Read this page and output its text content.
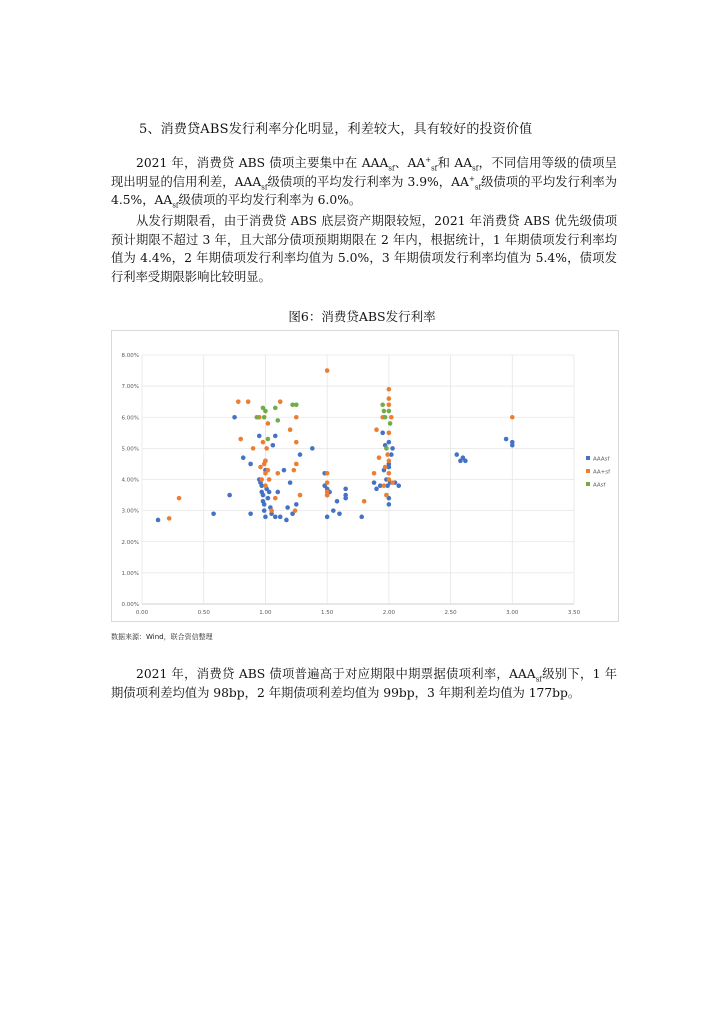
5、消费贷ABS发行利率分化明显，利差较大，具有较好的投资价值

2021 年，消费贷 ABS 债项主要集中在 $AAA_{sf}$、$AA^+_{sf}$和 $AA_{sf}$，不同信用等级的债项呈现出明显的信用利差，$AAA_{sf}$级债项的平均发行利率为 3.9%，$AA^+_{sf}$级债项的平均发行利率为 4.5%，$AA_{sf}$级债项的平均发行利率为 6.0%。

从发行期限看，由于消费贷 ABS 底层资产期限较短，2021 年消费贷 ABS 优先级债项预计期限不超过 3 年，且大部分债项预期期限在 2 年内，根据统计，1 年期债项发行利率均值为 4.4%，2 年期债项发行利率均值为 5.0%，3 年期债项发行利率均值为 5.4%，债项发行利率受期限影响比较明显。

图6：消费贷ABS发行利率
0.00%
1.00%
2.00%
3.00%
4.00%
5.00%
6.00%
7.00%
8.00%
0.00	0.50	1.00	1.50	2.00	2.50	3.00	3.50
AAAsf
AA+sf
AAsf
数据来源：Wind，联合资信整理

2021 年，消费贷 ABS 债项普遍高于对应期限中期票据债项利率，$AAA_{sf}$级别下，1 年期债项利差均值为 98bp，2 年期债项利差均值为 99bp，3 年期利差均值为 177bp。
